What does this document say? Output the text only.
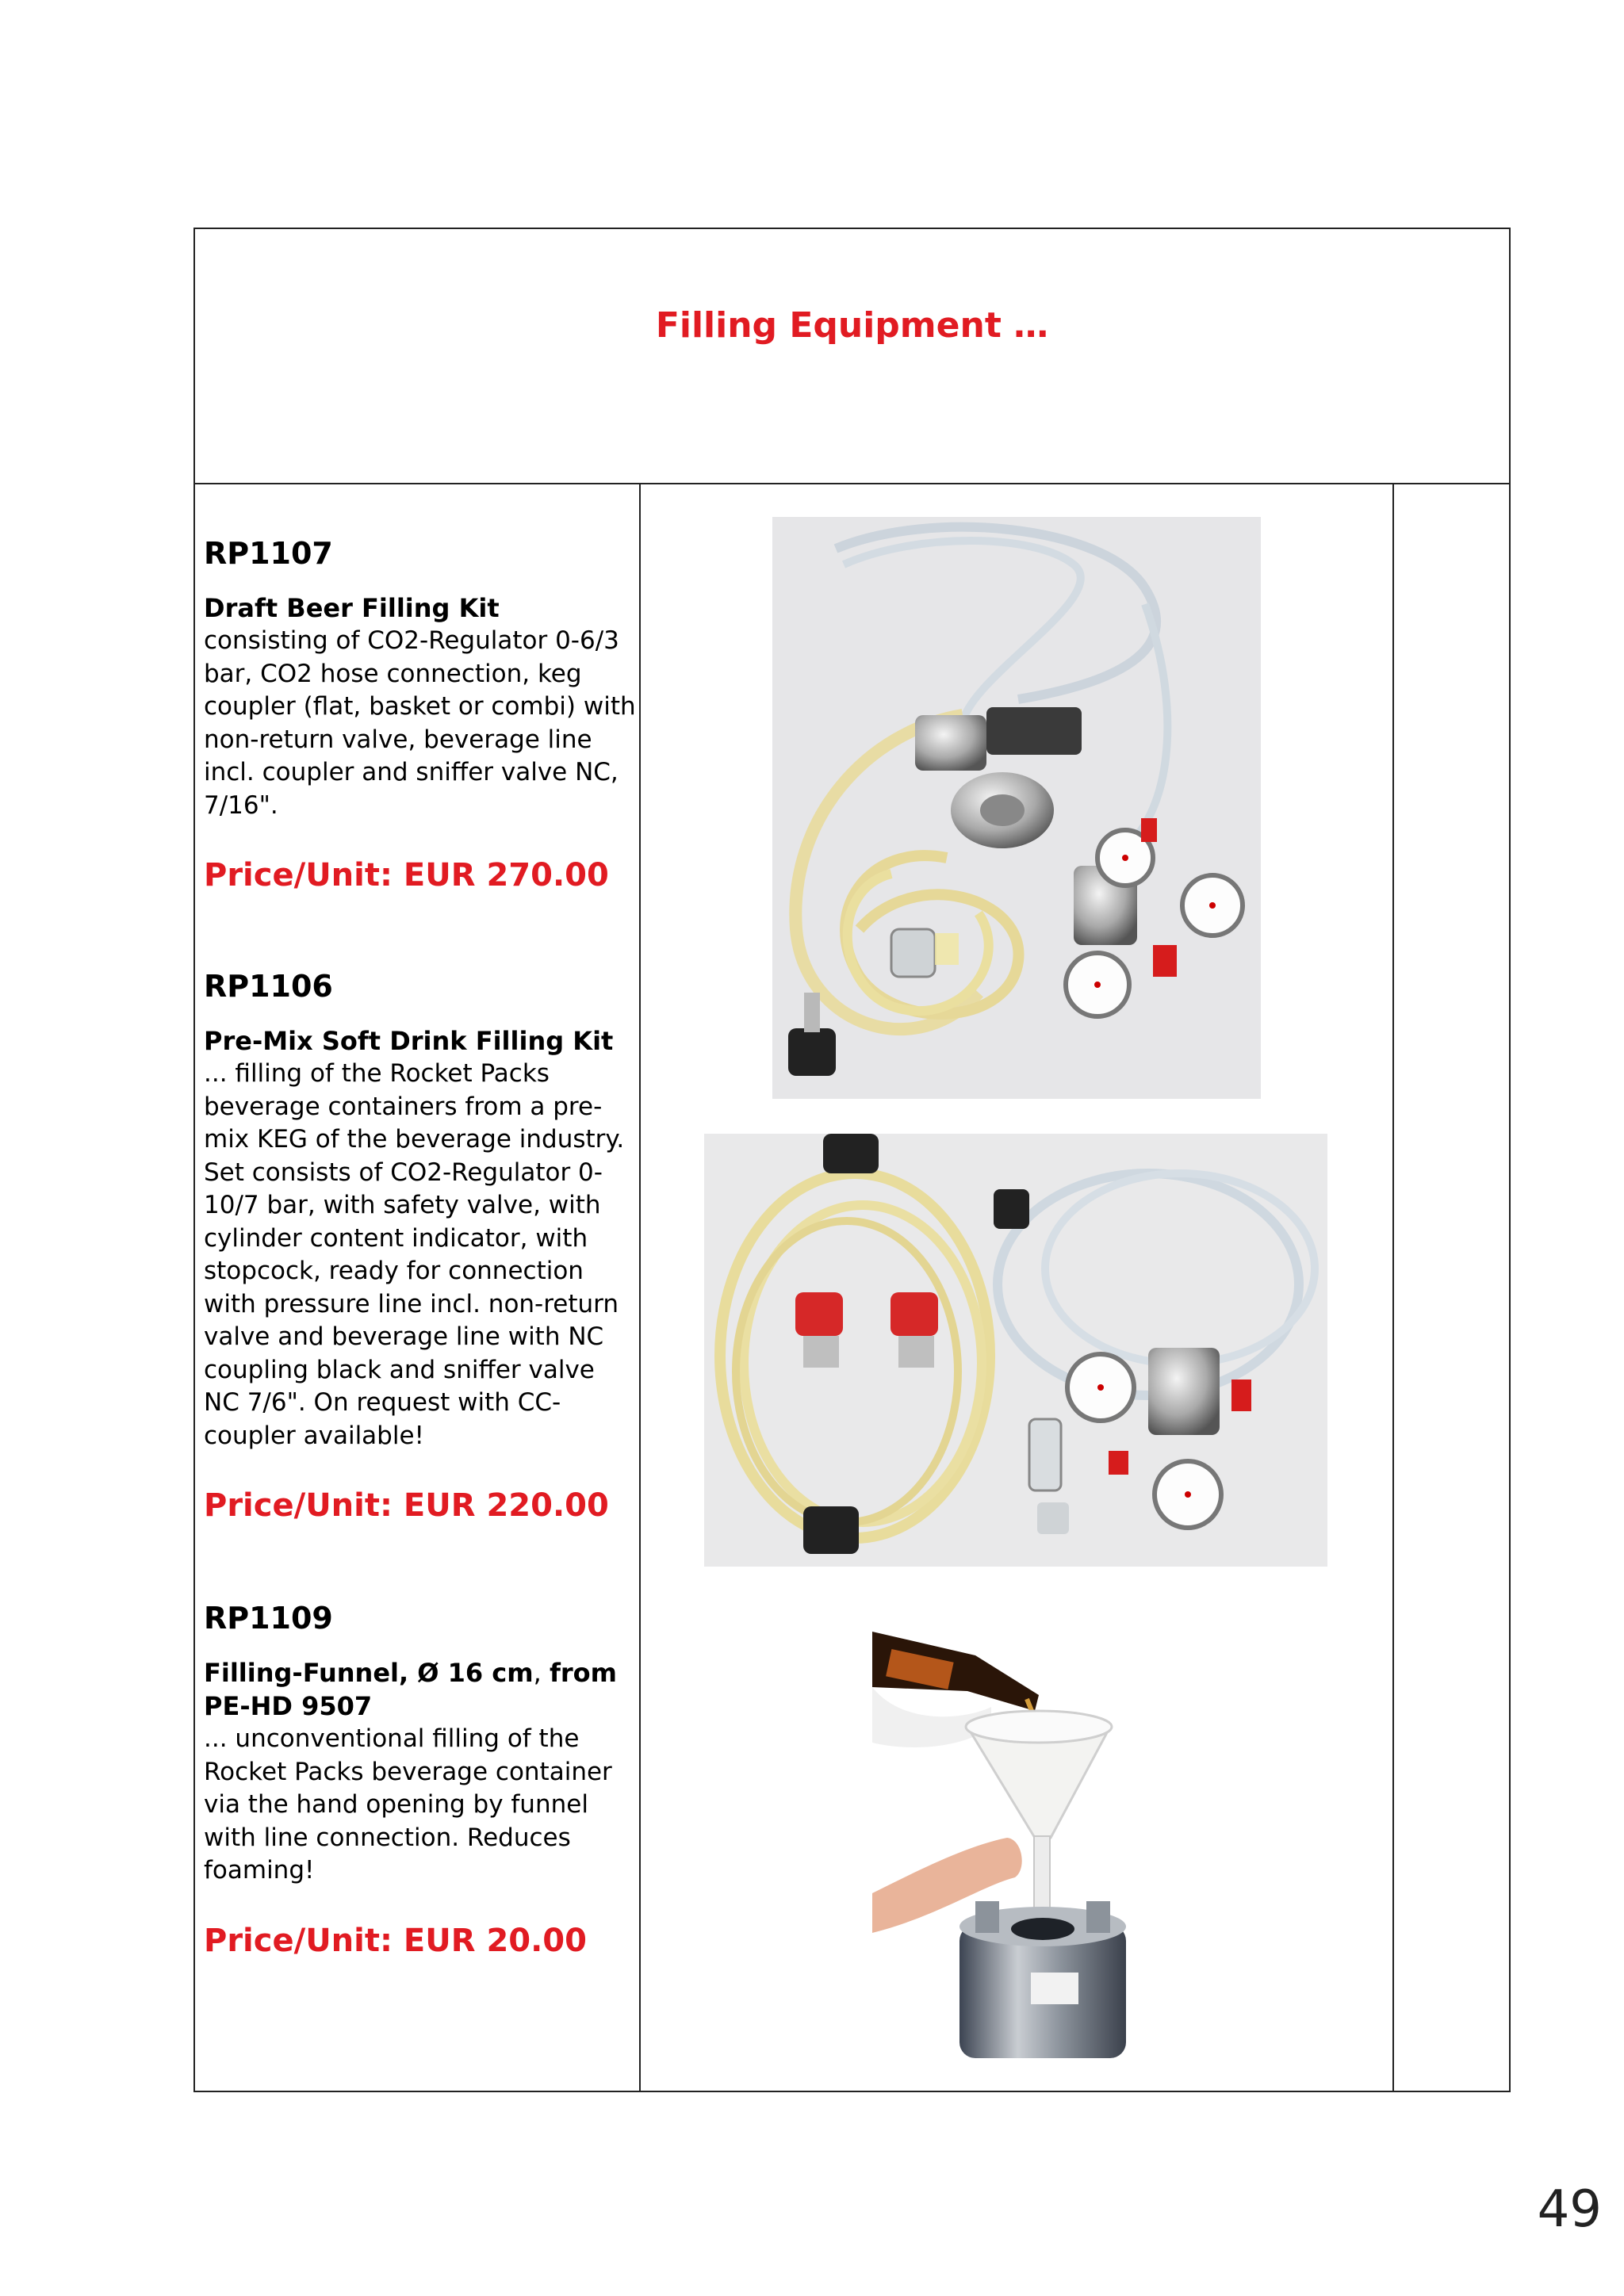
Filling Equipment …
RP1107
Draft Beer Filling Kit
consisting of CO2-Regulator 0-6/3 bar, CO2 hose connection, keg coupler (flat, basket or combi) with non-return valve, beverage line incl. coupler and sniffer valve NC, 7/16".
Price/Unit: EUR 270.00
RP1106
Pre-Mix Soft Drink Filling Kit
... filling of the Rocket Packs beverage containers from a pre-mix KEG of the beverage industry. Set consists of CO2-Regulator 0-10/7 bar, with safety valve, with cylinder content indicator, with stopcock, ready for connection with pressure line incl. non-return valve and beverage line with NC coupling black and sniffer valve NC 7/6". On request with CC-coupler available!
Price/Unit: EUR 220.00
RP1109
Filling-Funnel, Ø 16 cm, from PE-HD 9507
... unconventional filling of the Rocket Packs beverage container via the hand opening by funnel with line connection. Reduces foaming!
Price/Unit: EUR 20.00
49
